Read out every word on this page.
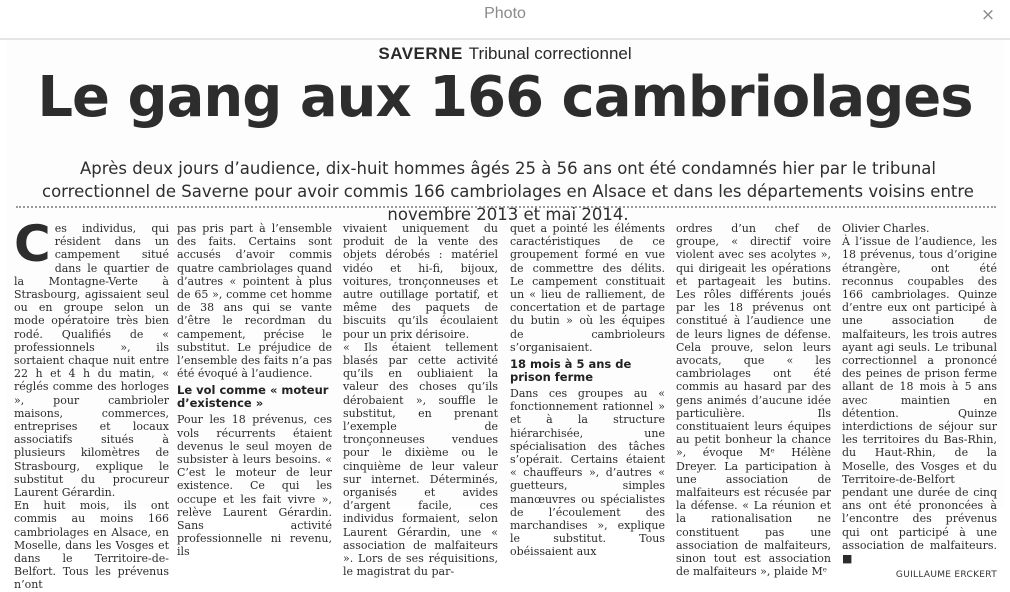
Photo	×
SAVERNE Tribunal correctionnel
Le gang aux 166 cambriolages
Après deux jours d’audience, dix-huit hommes âgés 25 à 56 ans ont été condamnés hier par le tribunal correctionnel de Saverne pour avoir commis 166 cambriolages en Alsace et dans les départements voisins entre novembre 2013 et mai 2014.
C es individus, qui résident dans un campement situé dans le quartier de la Montagne-Verte à Strasbourg, agissaient seul ou en groupe selon un mode opératoire très bien rodé. Qualifiés de « professionnels », ils sortaient chaque nuit entre 22 h et 4 h du matin, « réglés comme des horloges », pour cambrioler maisons, commerces, entreprises et locaux associatifs situés à plusieurs kilomètres de Strasbourg, explique le substitut du procureur Laurent Gérardin.

En huit mois, ils ont commis au moins 166 cambriolages en Alsace, en Moselle, dans les Vosges et dans le Territoire-de-Belfort. Tous les prévenus n’ont

pas pris part à l’ensemble des faits. Certains sont accusés d’avoir commis quatre cambriolages quand d’autres « pointent à plus de 65 », comme cet homme de 38 ans qui se vante d’être le recordman du campement, précise le substitut. Le préjudice de l’ensemble des faits n’a pas été évoqué à l’audience.

Le vol comme « moteur d’existence »

Pour les 18 prévenus, ces vols récurrents étaient devenus le seul moyen de subsister à leurs besoins. « C’est le moteur de leur existence. Ce qui les occupe et les fait vivre », relève Laurent Gérardin. Sans activité professionnelle ni revenu, ils

vivaient uniquement du produit de la vente des objets dérobés : matériel vidéo et hi-fi, bijoux, voitures, tronçonneuses et autre outillage portatif, et même des paquets de biscuits qu’ils écoulaient pour un prix dérisoire.

« Ils étaient tellement blasés par cette activité qu’ils en oubliaient la valeur des choses qu’ils dérobaient », souffle le substitut, en prenant l’exemple de tronçonneuses vendues pour le dixième ou le cinquième de leur valeur sur internet. Déterminés, organisés et avides d’argent facile, ces individus formaient, selon Laurent Gérardin, une « association de malfaiteurs ». Lors de ses réquisitions, le magistrat du par-

quet a pointé les éléments caractéristiques de ce groupement formé en vue de commettre des délits. Le campement constituait un « lieu de ralliement, de concertation et de partage du butin » où les équipes de cambrioleurs s’organisaient.

18 mois à 5 ans de prison ferme

Dans ces groupes au « fonctionnement rationnel » et à la structure hiérarchisée, une spécialisation des tâches s’opérait. Certains étaient « chauffeurs », d’autres « guetteurs, simples manœuvres ou spécialistes de l’écoulement des marchandises », explique le substitut. Tous obéissaient aux

ordres d’un chef de groupe, « directif voire violent avec ses acolytes », qui dirigeait les opérations et partageait les butins. Les rôles différents joués par les 18 prévenus ont constitué à l’audience une de leurs lignes de défense. Cela prouve, selon leurs avocats, que « les cambriolages ont été commis au hasard par des gens animés d’aucune idée particulière. Ils constituaient leurs équipes au petit bonheur la chance », évoque Mᵉ Hélène Dreyer. La participation à une association de malfaiteurs est récusée par la défense. « La réunion et la rationalisation ne constituent pas une association de malfaiteurs, sinon tout est association de malfaiteurs », plaide Mᵉ

Olivier Charles.

À l’issue de l’audience, les 18 prévenus, tous d’origine étrangère, ont été reconnus coupables des 166 cambriolages. Quinze d’entre eux ont participé à une association de malfaiteurs, les trois autres ayant agi seuls. Le tribunal correctionnel a prononcé des peines de prison ferme allant de 18 mois à 5 ans avec maintien en détention. Quinze interdictions de séjour sur les territoires du Bas-Rhin, du Haut-Rhin, de la Moselle, des Vosges et du Territoire-de-Belfort pendant une durée de cinq ans ont été prononcées à l’encontre des prévenus qui ont participé à une association de malfaiteurs. ■

GUILLAUME ERCKERT
